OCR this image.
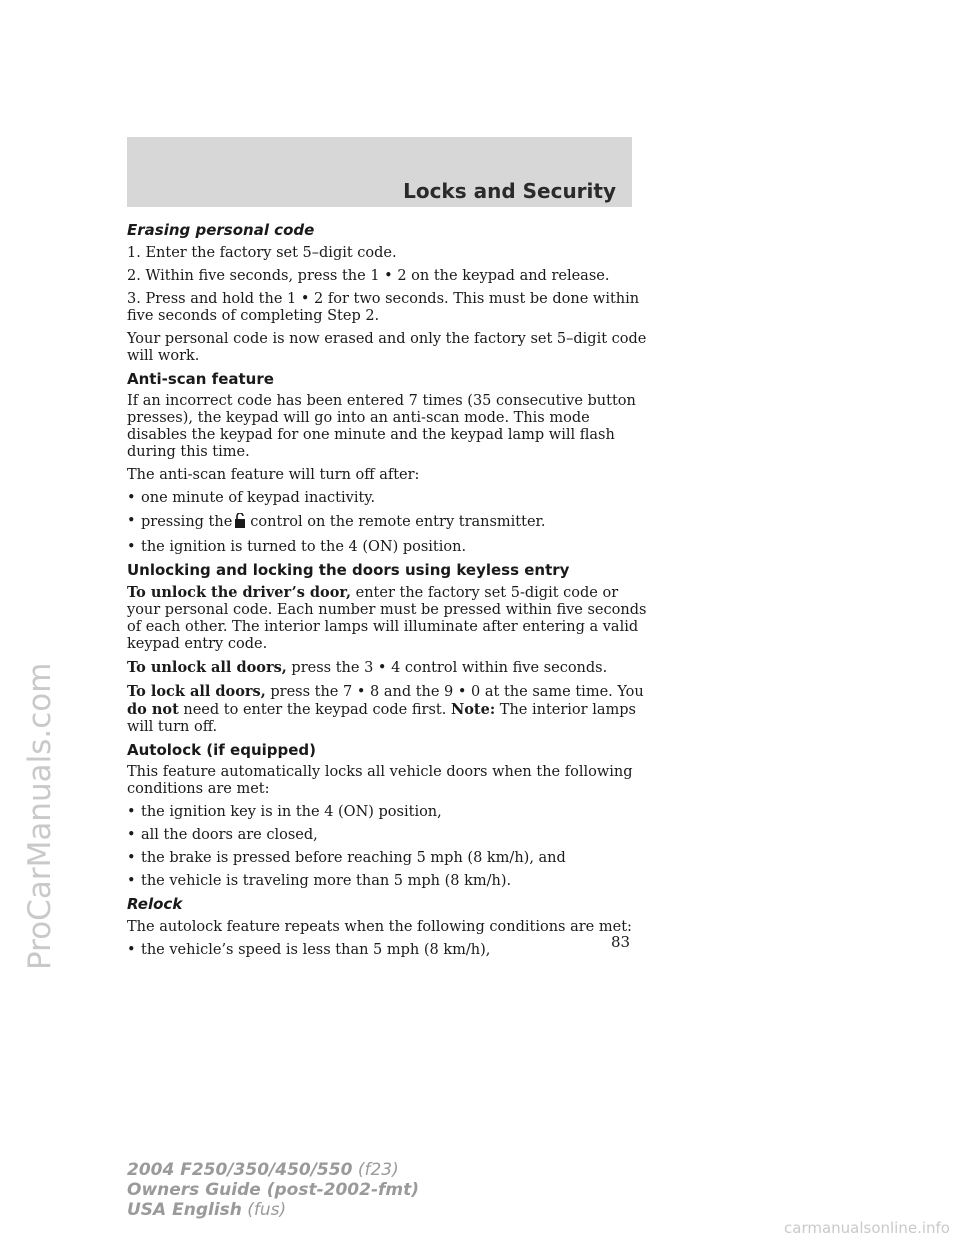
ProCarManuals.com
Locks and Security
Erasing personal code

1. Enter the factory set 5–digit code.

2. Within five seconds, press the 1 • 2 on the keypad and release.

3. Press and hold the 1 • 2 for two seconds. This must be done within five seconds of completing Step 2.

Your personal code is now erased and only the factory set 5–digit code will work.

Anti-scan feature

If an incorrect code has been entered 7 times (35 consecutive button presses), the keypad will go into an anti-scan mode. This mode disables the keypad for one minute and the keypad lamp will flash during this time.

The anti-scan feature will turn off after:

• one minute of keypad inactivity.
• pressing the control on the remote entry transmitter.
• the ignition is turned to the 4 (ON) position.
Unlocking and locking the doors using keyless entry

To unlock the driver’s door, enter the factory set 5-digit code or your personal code. Each number must be pressed within five seconds of each other. The interior lamps will illuminate after entering a valid keypad entry code.

To unlock all doors, press the 3 • 4 control within five seconds.

To lock all doors, press the 7 • 8 and the 9 • 0 at the same time. You do not need to enter the keypad code first. Note: The interior lamps will turn off.

Autolock (if equipped)

This feature automatically locks all vehicle doors when the following conditions are met:

• the ignition key is in the 4 (ON) position,
• all the doors are closed,
• the brake is pressed before reaching 5 mph (8 km/h), and
• the vehicle is traveling more than 5 mph (8 km/h).
Relock

The autolock feature repeats when the following conditions are met:

• the vehicle’s speed is less than 5 mph (8 km/h),	83
2004 F250/350/450/550 (f23)
Owners Guide (post-2002-fmt)
USA English (fus)
carmanualsonline.info
